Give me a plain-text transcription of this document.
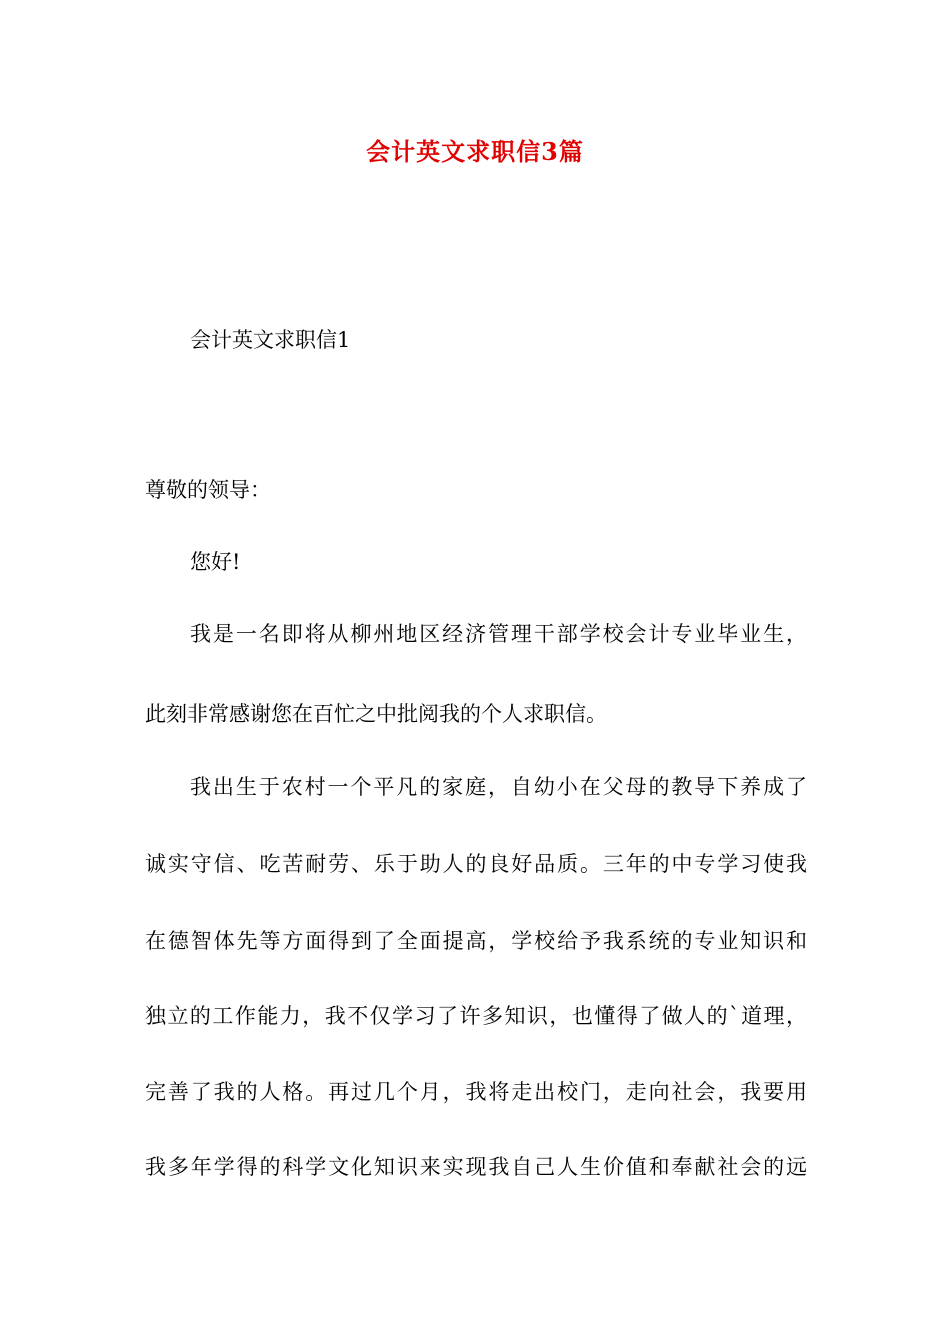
会计英文求职信3篇
会计英文求职信1
尊敬的领导：
您好!
我是一名即将从柳州地区经济管理干部学校会计专业毕业生，
此刻非常感谢您在百忙之中批阅我的个人求职信。
我出生于农村一个平凡的家庭，自幼小在父母的教导下养成了
诚实守信、吃苦耐劳、乐于助人的良好品质。三年的中专学习使我
在德智体先等方面得到了全面提高，学校给予我系统的专业知识和
独立的工作能力，我不仅学习了许多知识，也懂得了做人的`道理，
完善了我的人格。再过几个月，我将走出校门，走向社会，我要用
我多年学得的科学文化知识来实现我自己人生价值和奉献社会的远
